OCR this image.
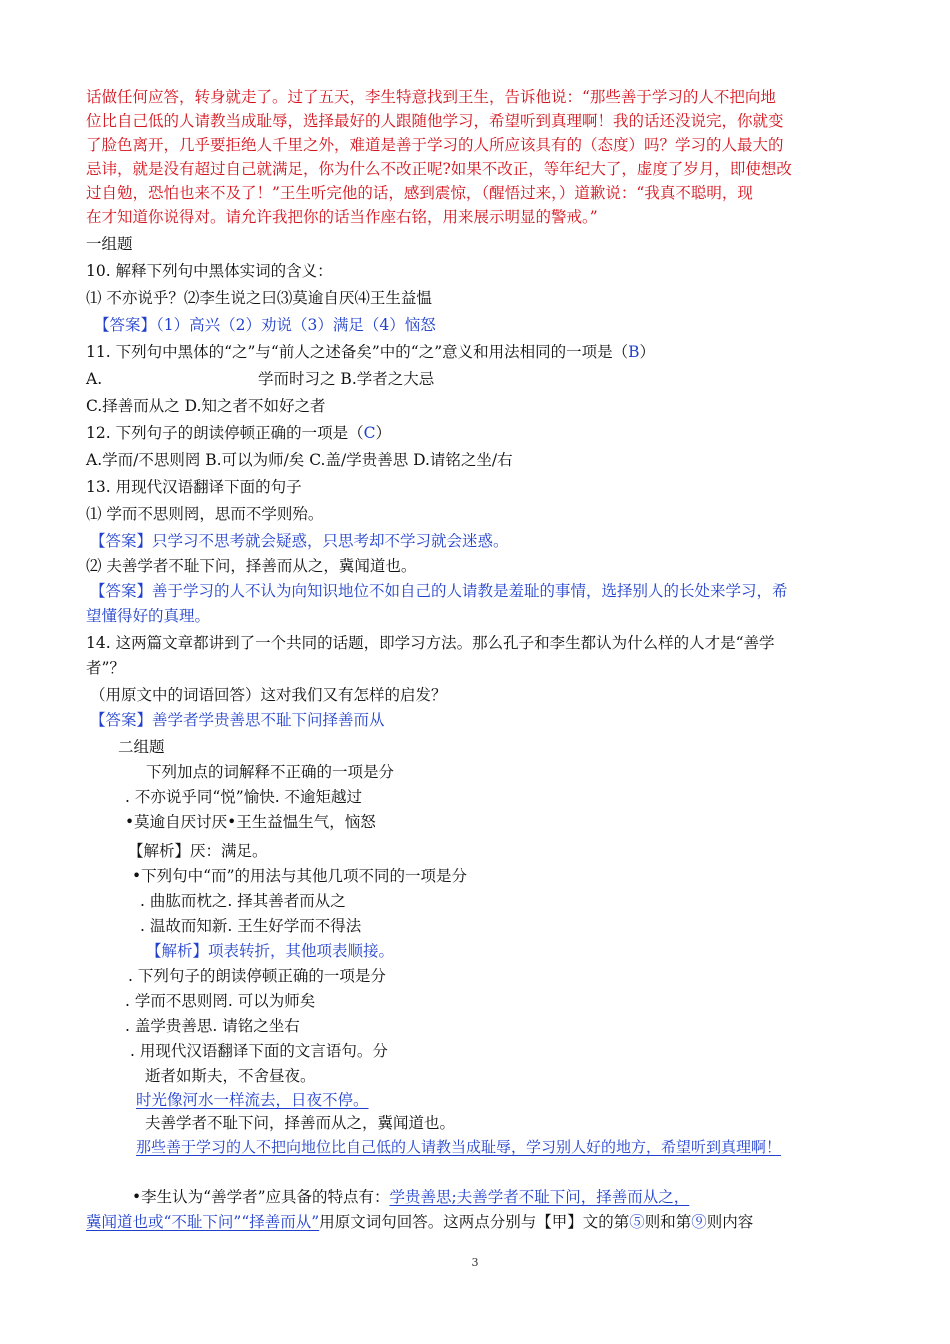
话做任何应答，转身就走了。过了五天，李生特意找到王生，告诉他说：“那些善于学习的人不把向地
位比自己低的人请教当成耻辱，选择最好的人跟随他学习，希望听到真理啊！我的话还没说完，你就变
了脸色离开，几乎要拒绝人千里之外，难道是善于学习的人所应该具有的（态度）吗？学习的人最大的
忌讳，就是没有超过自己就满足，你为什么不改正呢?如果不改正，等年纪大了，虚度了岁月，即使想改
过自勉，恐怕也来不及了！”王生听完他的话，感到震惊，（醒悟过来，）道歉说：“我真不聪明，现
在才知道你说得对。请允许我把你的话当作座右铭，用来展示明显的警戒。”
一组题
10. 解释下列句中黑体实词的含义：
⑴ 不亦说乎？⑵李生说之曰⑶莫逾自厌⑷王生益愠
【答案】（1）高兴（2）劝说（3）满足（4）恼怒
11. 下列句中黑体的“之”与“前人之述备矣”中的“之”意义和用法相同的一项是（B）
A.	学而时习之 B.学者之大忌
C.择善而从之 D.知之者不如好之者
12. 下列句子的朗读停顿正确的一项是（C）
A.学而/不思则罔 B.可以为师/矣 C.盖/学贵善思 D.请铭之坐/右
13. 用现代汉语翻译下面的句子
⑴ 学而不思则罔，思而不学则殆。
【答案】只学习不思考就会疑惑，只思考却不学习就会迷惑。
⑵ 夫善学者不耻下问，择善而从之，冀闻道也。
【答案】善于学习的人不认为向知识地位不如自己的人请教是羞耻的事情，选择别人的长处来学习，希
望懂得好的真理。
14. 这两篇文章都讲到了一个共同的话题，即学习方法。那么孔子和李生都认为什么样的人才是“善学
者”？
（用原文中的词语回答）这对我们又有怎样的启发？
【答案】善学者学贵善思不耻下问择善而从
二组题
下列加点的词解释不正确的一项是分
. 不亦说乎同“悦”愉快. 不逾矩越过
•莫逾自厌讨厌•王生益愠生气，恼怒
【解析】厌：满足。
•下列句中“而”的用法与其他几项不同的一项是分
. 曲肱而枕之. 择其善者而从之
. 温故而知新. 王生好学而不得法
【解析】项表转折，其他项表顺接。
. 下列句子的朗读停顿正确的一项是分
. 学而不思则罔. 可以为师矣
. 盖学贵善思. 请铭之坐右
. 用现代汉语翻译下面的文言语句。分
逝者如斯夫，不舍昼夜。
时光像河水一样流去，日夜不停。
夫善学者不耻下问，择善而从之，冀闻道也。
那些善于学习的人不把向地位比自己低的人请教当成耻辱，学习别人好的地方，希望听到真理啊！
•李生认为“善学者”应具备的特点有：学贵善思;夫善学者不耻下问，择善而从之，
冀闻道也或“不耻下问”“择善而从”用原文词句回答。这两点分别与【甲】文的第⑤则和第⑨则内容
3
